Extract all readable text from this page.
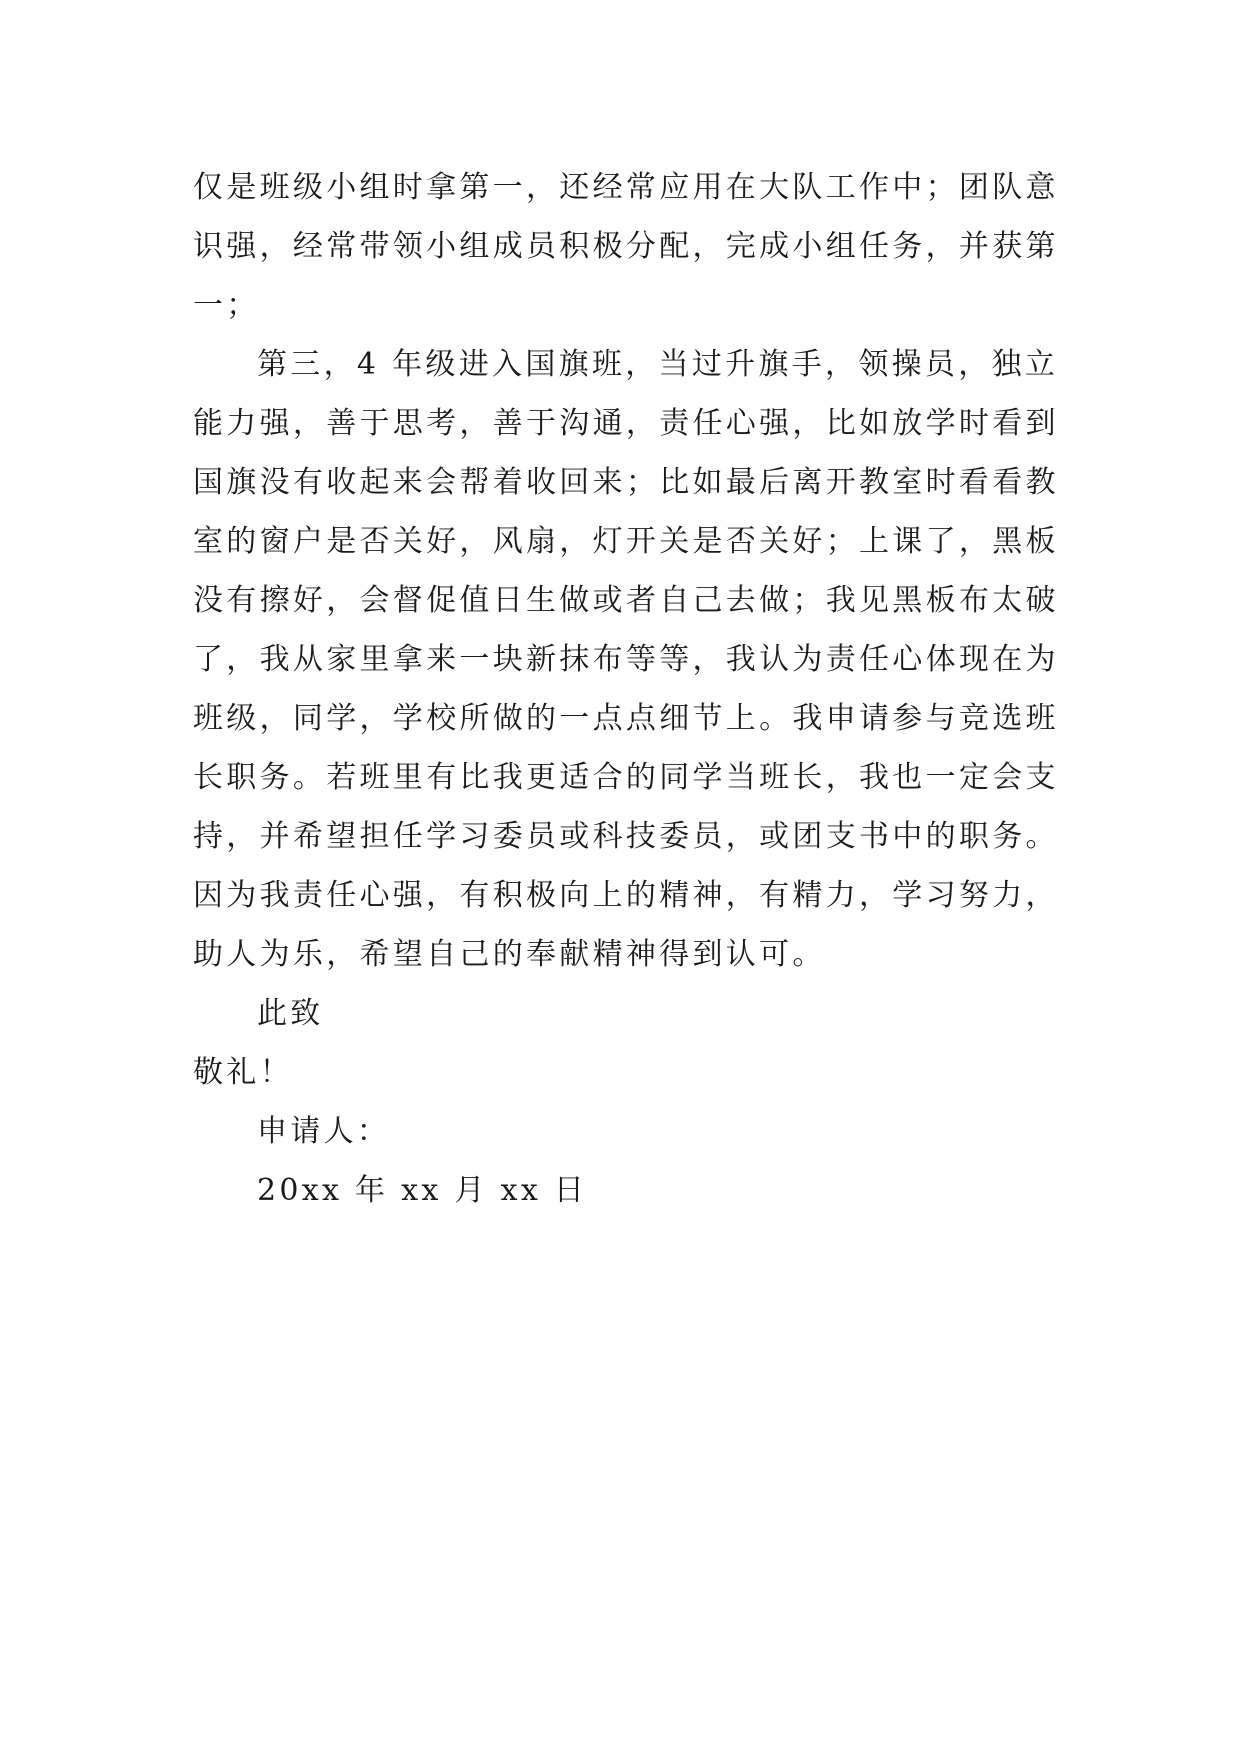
仅是班级小组时拿第一，还经常应用在大队工作中；团队意
识强，经常带领小组成员积极分配，完成小组任务，并获第
一；
第三，4 年级进入国旗班，当过升旗手，领操员，独立
能力强，善于思考，善于沟通，责任心强，比如放学时看到
国旗没有收起来会帮着收回来；比如最后离开教室时看看教
室的窗户是否关好，风扇，灯开关是否关好；上课了，黑板
没有擦好，会督促值日生做或者自己去做；我见黑板布太破
了，我从家里拿来一块新抹布等等，我认为责任心体现在为
班级，同学，学校所做的一点点细节上。我申请参与竞选班
长职务。若班里有比我更适合的同学当班长，我也一定会支
持，并希望担任学习委员或科技委员，或团支书中的职务。
因为我责任心强，有积极向上的精神，有精力，学习努力，
助人为乐，希望自己的奉献精神得到认可。
此致
敬礼！
申请人：
20xx 年 xx 月 xx 日
